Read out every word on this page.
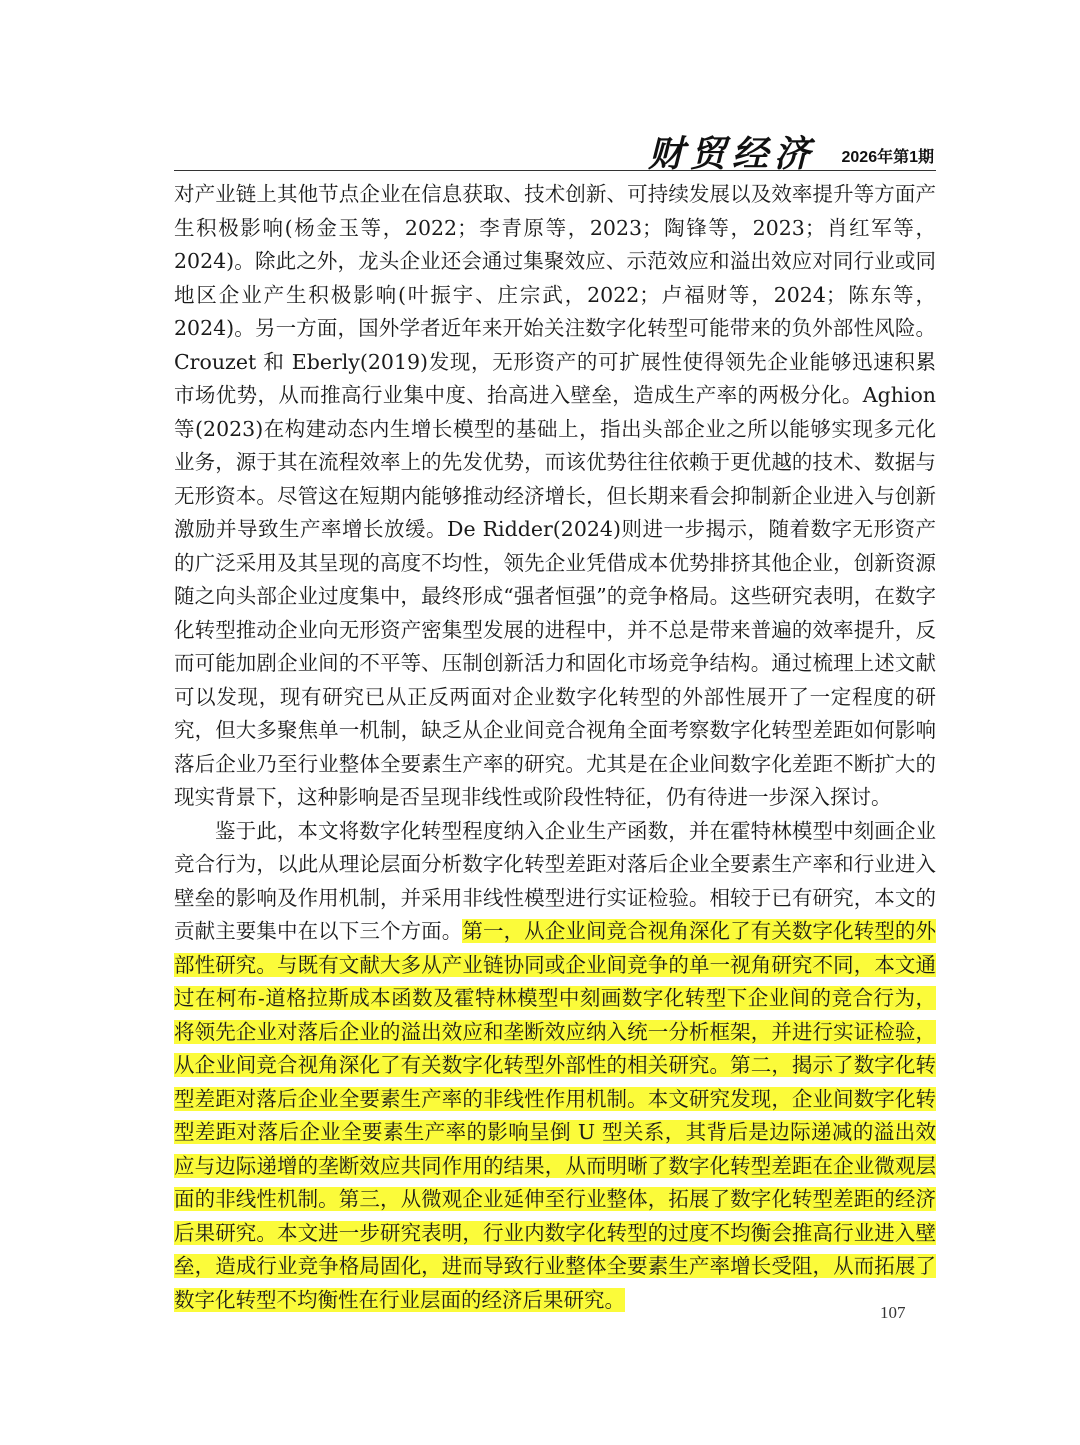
财贸经济 2026年第1期

对产业链上其他节点企业在信息获取、技术创新、可持续发展以及效率提升等方面产生积极影响(杨金玉等，2022；李青原等，2023；陶锋等，2023；肖红军等，2024)。除此之外，龙头企业还会通过集聚效应、示范效应和溢出效应对同行业或同地区企业产生积极影响(叶振宇、庄宗武，2022；卢福财等，2024；陈东等，2024)。另一方面，国外学者近年来开始关注数字化转型可能带来的负外部性风险。Crouzet 和 Eberly(2019)发现，无形资产的可扩展性使得领先企业能够迅速积累市场优势，从而推高行业集中度、抬高进入壁垒，造成生产率的两极分化。Aghion 等(2023)在构建动态内生增长模型的基础上，指出头部企业之所以能够实现多元化业务，源于其在流程效率上的先发优势，而该优势往往依赖于更优越的技术、数据与无形资本。尽管这在短期内能够推动经济增长，但长期来看会抑制新企业进入与创新激励并导致生产率增长放缓。De Ridder(2024)则进一步揭示，随着数字无形资产的广泛采用及其呈现的高度不均性，领先企业凭借成本优势排挤其他企业，创新资源随之向头部企业过度集中，最终形成“强者恒强”的竞争格局。这些研究表明，在数字化转型推动企业向无形资产密集型发展的进程中，并不总是带来普遍的效率提升，反而可能加剧企业间的不平等、压制创新活力和固化市场竞争结构。通过梳理上述文献可以发现，现有研究已从正反两面对企业数字化转型的外部性展开了一定程度的研究，但大多聚焦单一机制，缺乏从企业间竞合视角全面考察数字化转型差距如何影响落后企业乃至行业整体全要素生产率的研究。尤其是在企业间数字化差距不断扩大的现实背景下，这种影响是否呈现非线性或阶段性特征，仍有待进一步深入探讨。

鉴于此，本文将数字化转型程度纳入企业生产函数，并在霍特林模型中刻画企业竞合行为，以此从理论层面分析数字化转型差距对落后企业全要素生产率和行业进入壁垒的影响及作用机制，并采用非线性模型进行实证检验。相较于已有研究，本文的贡献主要集中在以下三个方面。第一，从企业间竞合视角深化了有关数字化转型的外部性研究。与既有文献大多从产业链协同或企业间竞争的单一视角研究不同，本文通过在柯布-道格拉斯成本函数及霍特林模型中刻画数字化转型下企业间的竞合行为，将领先企业对落后企业的溢出效应和垄断效应纳入统一分析框架，并进行实证检验，从企业间竞合视角深化了有关数字化转型外部性的相关研究。第二，揭示了数字化转型差距对落后企业全要素生产率的非线性作用机制。本文研究发现，企业间数字化转型差距对落后企业全要素生产率的影响呈倒 U 型关系，其背后是边际递减的溢出效应与边际递增的垄断效应共同作用的结果，从而明晰了数字化转型差距在企业微观层面的非线性机制。第三，从微观企业延伸至行业整体，拓展了数字化转型差距的经济后果研究。本文进一步研究表明，行业内数字化转型的过度不均衡会推高行业进入壁垒，造成行业竞争格局固化，进而导致行业整体全要素生产率增长受阻，从而拓展了数字化转型不均衡性在行业层面的经济后果研究。

107
